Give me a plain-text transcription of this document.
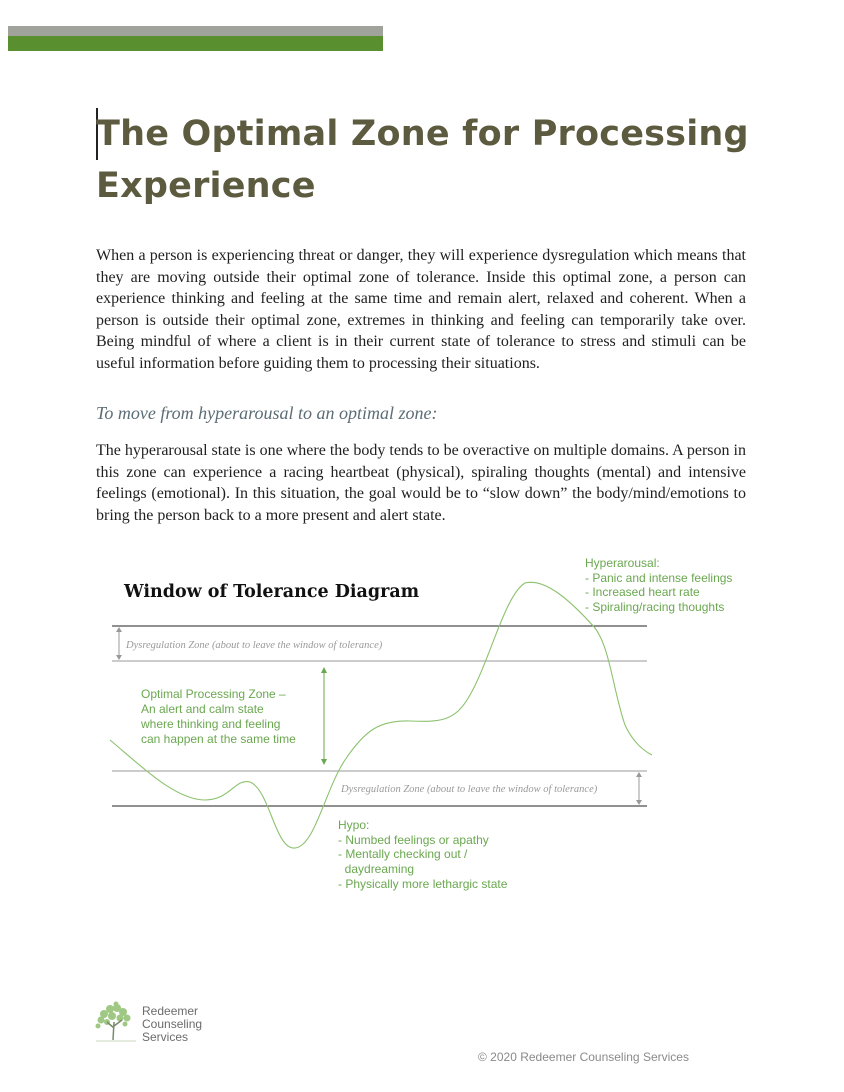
The Optimal Zone for Processing Experience

When a person is experiencing threat or danger, they will experience dysregulation which means that they are moving outside their optimal zone of tolerance. Inside this optimal zone, a person can experience thinking and feeling at the same time and remain alert, relaxed and coherent. When a person is outside their optimal zone, extremes in thinking and feeling can temporarily take over. Being mindful of where a client is in their current state of tolerance to stress and stimuli can be useful information before guiding them to processing their situations.

To move from hyperarousal to an optimal zone:

The hyperarousal state is one where the body tends to be overactive on multiple domains. A person in this zone can experience a racing heartbeat (physical), spiraling thoughts (mental) and intensive feelings (emotional). In this situation, the goal would be to “slow down” the body/mind/emotions to bring the person back to a more present and alert state.

Window of Tolerance Diagram
Hyperarousal:
- Panic and intense feelings
- Increased heart rate
- Spiraling/racing thoughts
Dysregulation Zone (about to leave the window of tolerance)
Optimal Processing Zone –
An alert and calm state
where thinking and feeling
can happen at the same time
Dysregulation Zone (about to leave the window of tolerance)
Hypo:
- Numbed feelings or apathy
- Mentally checking out /
daydreaming
- Physically more lethargic state
Redeemer
Counseling
Services
© 2020 Redeemer Counseling Services
